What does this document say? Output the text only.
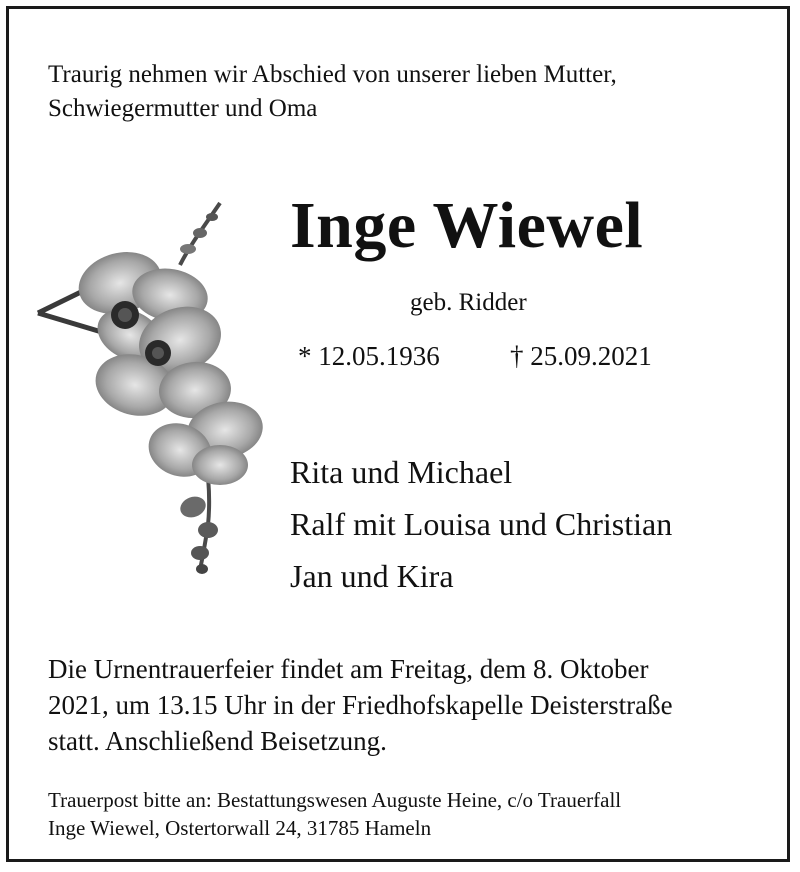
Traurig nehmen wir Abschied von unserer lieben Mutter,
Schwiegermutter und Oma
Inge Wiewel
geb. Ridder
* 12.05.1936	† 25.09.2021
Rita und Michael
Ralf mit Louisa und Christian
Jan und Kira
Die Urnentrauerfeier findet am Freitag, dem 8. Oktober
2021, um 13.15 Uhr in der Friedhofskapelle Deisterstraße
statt. Anschließend Beisetzung.
Trauerpost bitte an: Bestattungswesen Auguste Heine, c/o Trauerfall
Inge Wiewel, Ostertorwall 24, 31785 Hameln
